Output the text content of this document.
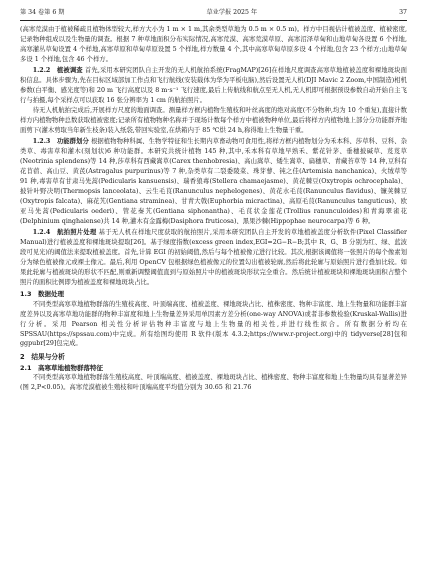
第 34 卷第 6 期	草业学报 2025 年	37

(高寒荒漠由于植被稀疏且植物体型较大,样方大小为 1 m × 1 m,其余类型草地为 0.5 m × 0.5 m)。样方中目视估计植被盖度、植被密度,记录物种组成以及生物量的调查。根据 7 种草地面积分布实际情况,高寒荒漠、高寒荒漠草原、高寒沼泽草甸和山地草甸各设置 6 个样地,高寒灌丛草甸设置 4 个样地,高寒草原和草甸草原设置 5 个样地,样方数量 4 个,其中高寒草甸草原多设 4 个样地,包含 23 个样方;山地草甸多设 1 个样地,包含 46 个样方。

1.2.2　植被调查 首先,采用本研究团队自主开发的无人机航拍系统(FragMAP)[26]在样地尺度调查高寒草地植被盖度和裸地斑块面积信息。具体步骤为,先在目标区域部加工作点和飞行航线(安装载体为华为平板电脑),然后设置无人机(DJI Mavic 2 Zoom,中国制造)相机参数(白平衡、感光度等)和 20 m 飞行高度以及 8 m·s⁻¹ 飞行速度,最后上传航线和航点至无人机,无人机即可根据预设参数自动开始自主飞行与拍摄,每个采样点可以获取 16 张分辨率为 1 cm 的航拍照片。

待无人机航拍完成后,开展样方尺度的地面调查。测量样方框内植物生殖枝和叶丝高度的绝对高度(不分物种,均为 10 个重复),直接计数样方内植物物种总数获取植被密度;记录所有植物物种名称并于现场计数每个样方中植被物种单位,最后将样方内植物地上部分分功能群齐地面剪下(灌木剪取当年新生枝条)装入纸袋,带回实验室,在烘箱内于 85 ℃烘 24 h,称得地上生物量干重。

1.2.3　功能群划分 根据植物物种科属、生物学特征和生长期内草畜动物可食用性,将样方框内植物划分为禾本科、莎草科、豆科、杂类草、毒害草和灌木(刻划状)6 种功能群。本研究共统计植物 145 种,其中,禾本科有草地早熟禾、紫花针茅、垂穗披碱草、芨芨草(Neotrinia splendens)等 14 种,莎草科有西藏嵩草(Carex thenhobresia)、高山嵩草、矮生嵩草、扁穗草、青藏苔草等 14 种,豆科有花苜蓿、高山豆、黄芪(Astragalus purpurinus)等 7 种,杂类草有二裂委陵菜、珠芽蓼、钝之佳(Artemisia nanchanica)、火绒草等 91 种,毒害草有甘肃马先蒿(Pedicularis kansuensis)、瑞香狼毒(Stellera chamaejasme)、黄花棘豆(Oxytropis ochrocephala)、披针叶野决明(Thermopsis lanceolata)、云生毛茛(Ranunculus nephelogenes)、黄花水毛茛(Ranunculus flavidus)、镰荚棘豆(Oxytropis falcata)、麻花艽(Gentiana straminea)、甘青大戟(Euphorbia micractina)、高原毛茛(Ranunculus tanguticus)、欧亚马先蒿(Pedicularis oederi)、管花秦艽(Gentiana siphonantha)、毛茛状金莲花(Trollius ranunculoides)和青海翠雀花(Delphinium qinghaiense)共 14 种,灌木有金露梅(Dasiphora fruticosa)、黑果沙棘(Hippophae neurocarpa)等 6 种。

1.2.4　航拍照片处理 基于无人机在样地尺度获取的航拍照片,采用本研究团队自主开发的草地植被盖度分析软件(Pixel Classifier Manual)进行植被盖度和裸地斑块提取[26]。基于绿度指数(excess green index,EGI=2G−R−B;其中 R、G、B 分别为红、绿、蓝波段可见光)的阈值法来提取植被盖度。首先,计算 EGI 的初始阈值,然后与每个植被像元进行比较。其次,根据该阈值将一张照片的每个像素划分为绿色植被像元或裸土像元。最后,利用 OpenCV 包根据绿色植被像元的位置勾出植被轮廓,然后将此轮廓与原始照片进行叠加比较。如果此轮廓与植被斑块的形状不匹配,则重新调整阈值直到与原始照片中的植被斑块形状完全重合。然后统计植被斑块和裸地斑块面积占整个照片的面积比例即为植被盖度和裸地斑块占比。

1.3　数据处理

不同类型高寒草地植物群落的生殖枝高度、叶顶端高度、植被盖度、裸地斑块占比、植株密度、物种丰富度、地上生物量和功能群丰富度差异以及高寒草地功能群的物种丰富度和地上生物量差异采用单因素方差分析(one-way ANOVA)或者非参数检验(Kruskal-Wallis)进行分析。采用 Pearson 相关性分析评估物种丰富度与地上生物量的相关性,并进行线性拟合。所有数据分析均在 SPSSAU(https://spssau.com)中完成。所有绘图均使用 R 软件(版本 4.3.2;https://www.r-project.org)中的 tidyverse[28]包和 ggpubr[29]包完成。

2　结果与分析
2.1　高寒草地植物群落特征

不同类型高寒草地植物群落生殖枝高度、叶顶端高度、植被盖度、裸地斑块占比、植株密度、物种丰富度和地上生物量均具有显著差异(图 2,P<0.05)。高寒荒漠植被生殖枝和叶顶端高度平均值分别为 30.65 和 21.76
